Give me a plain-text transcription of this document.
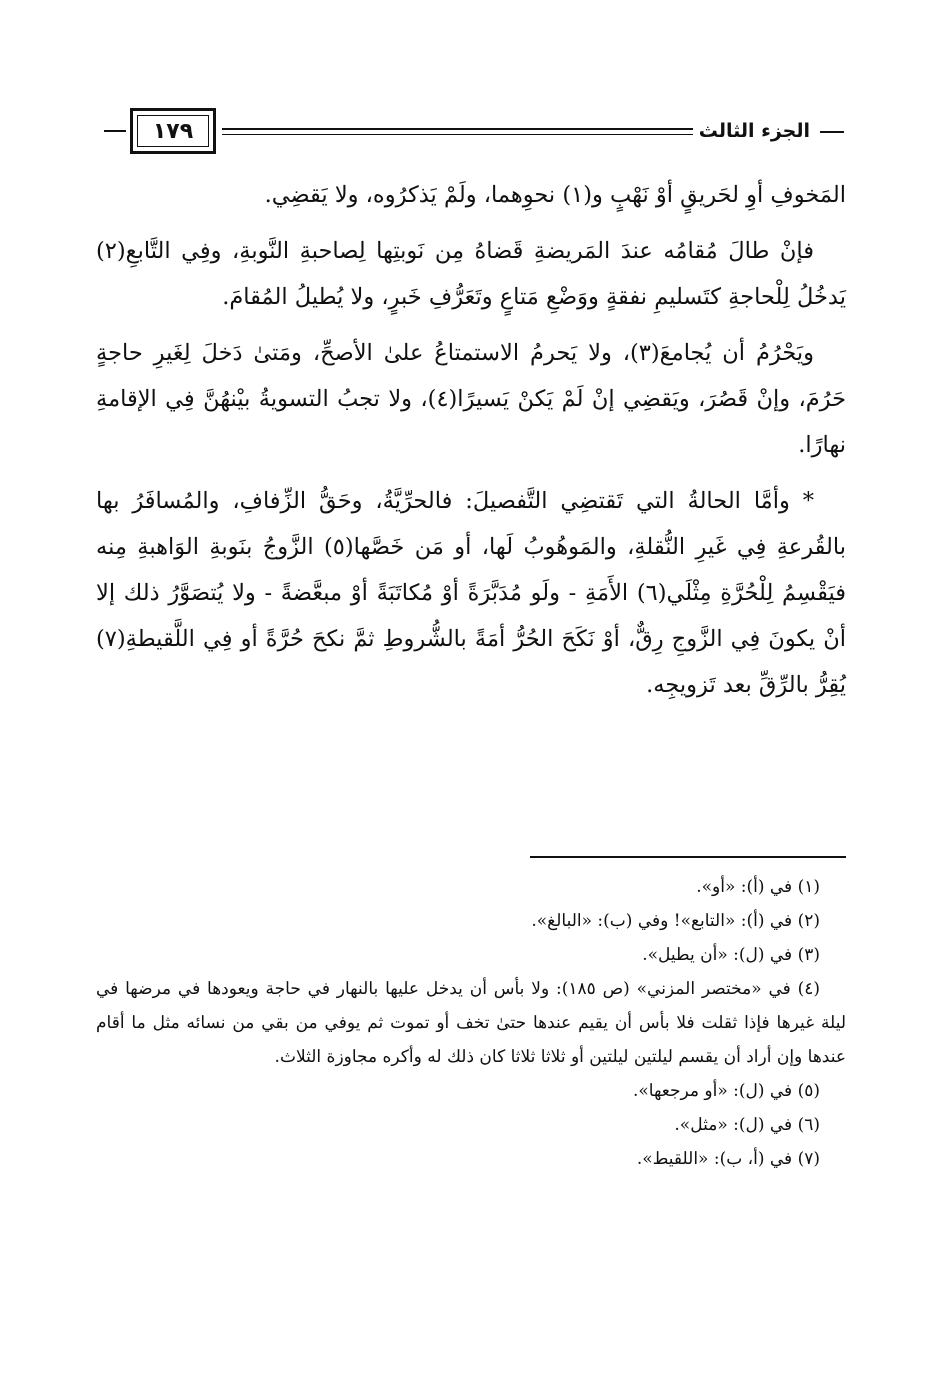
الجزء الثالث
١٧٩

المَخوفِ أوِ لحَريقٍ أوْ نَهْبٍ و(١) نحوِهما، ولَمْ يَذكرُوه، ولا يَقضِي.

فإنْ طالَ مُقامُه عندَ المَريضةِ قَضاهُ مِن نَوبتِها لِصاحبةِ النَّوبةِ، وفِي التَّابعِ(٢) يَدخُلُ لِلْحاجةِ كتَسليمِ نفقةٍ ووَضْعِ مَتاعٍ وتَعَرُّفِ خَبرٍ، ولا يُطيلُ المُقامَ.

ويَحْرُمُ أن يُجامعَ(٣)، ولا يَحرمُ الاستمتاعُ علىٰ الأصحِّ، ومَتىٰ دَخلَ لِغَيرِ حاجةٍ حَرُمَ، وإنْ قَصُرَ، ويَقضِي إنْ لَمْ يَكنْ يَسيرًا(٤)، ولا تجبُ التسويةُ بيْنهُنَّ فِي الإقامةِ نهارًا.

* وأمَّا الحالةُ التي تَقتضِي التَّفصيلَ: فالحرِّيَّةُ، وحَقُّ الزِّفافِ، والمُسافَرُ بها بالقُرعةِ فِي غَيرِ النُّقلةِ، والمَوهُوبُ لَها، أو مَن خَصَّها(٥) الزَّوجُ بنَوبةِ الوَاهبةِ مِنه فيَقْسِمُ لِلْحُرَّةِ مِثْلَي(٦) الأَمَةِ - ولَو مُدَبَّرَةً أوْ مُكاتَبَةً أوْ مبعَّضةً - ولا يُتصَوَّرُ ذلك إلا أنْ يكونَ فِي الزَّوجِ رِقٌّ، أوْ نَكَحَ الحُرُّ أمَةً بالشُّروطِ ثمَّ نكحَ حُرَّةً أو فِي اللَّقيطةِ(٧) يُقِرُّ بالرِّقِّ بعد تَزويجِه.

(١) في (أ): «أو».

(٢) في (أ): «التابع»! وفي (ب): «البالغ».

(٣) في (ل): «أن يطيل».

(٤) في «مختصر المزني» (ص ١٨٥): ولا بأس أن يدخل عليها بالنهار في حاجة ويعودها في مرضها في ليلة غيرها فإذا ثقلت فلا بأس أن يقيم عندها حتىٰ تخف أو تموت ثم يوفي من بقي من نسائه مثل ما أقام عندها وإن أراد أن يقسم ليلتين ليلتين أو ثلاثا ثلاثا كان ذلك له وأكره مجاوزة الثلاث.

(٥) في (ل): «أو مرجعها».

(٦) في (ل): «مثل».

(٧) في (أ، ب): «اللقيط».
